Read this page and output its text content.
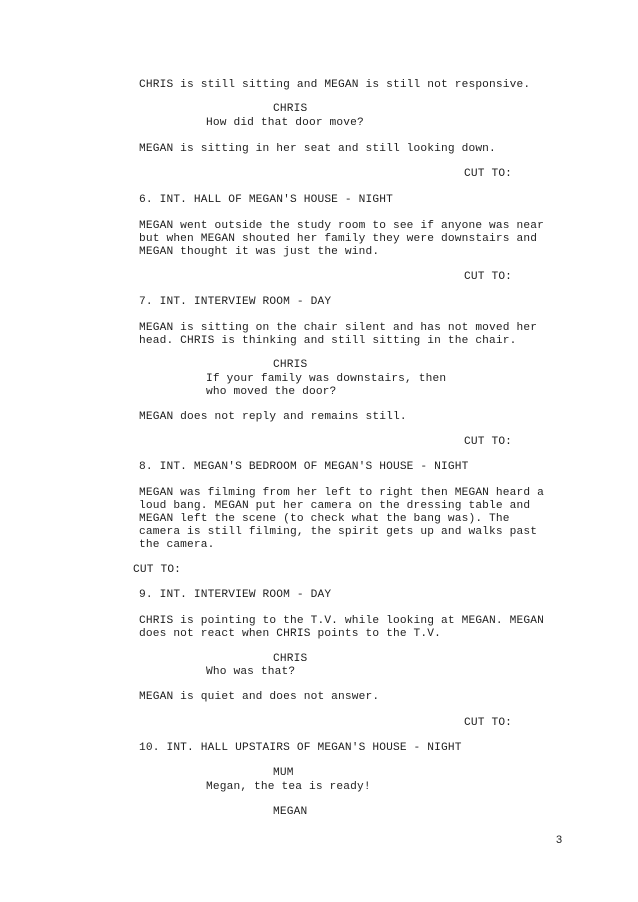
CHRIS is still sitting and MEGAN is still not responsive.
CHRIS
How did that door move?
MEGAN is sitting in her seat and still looking down.
CUT TO:
6. INT. HALL OF MEGAN'S HOUSE - NIGHT
MEGAN went outside the study room to see if anyone was near
but when MEGAN shouted her family they were downstairs and
MEGAN thought it was just the wind.
CUT TO:
7. INT. INTERVIEW ROOM - DAY
MEGAN is sitting on the chair silent and has not moved her
head. CHRIS is thinking and still sitting in the chair.
CHRIS
If your family was downstairs, then
who moved the door?
MEGAN does not reply and remains still.
CUT TO:
8. INT. MEGAN'S BEDROOM OF MEGAN'S HOUSE - NIGHT
MEGAN was filming from her left to right then MEGAN heard a
loud bang. MEGAN put her camera on the dressing table and
MEGAN left the scene (to check what the bang was). The
camera is still filming, the spirit gets up and walks past
the camera.
CUT TO:
9. INT. INTERVIEW ROOM - DAY
CHRIS is pointing to the T.V. while looking at MEGAN. MEGAN
does not react when CHRIS points to the T.V.
CHRIS
Who was that?
MEGAN is quiet and does not answer.
CUT TO:
10. INT. HALL UPSTAIRS OF MEGAN'S HOUSE - NIGHT
MUM
Megan, the tea is ready!
MEGAN
3
